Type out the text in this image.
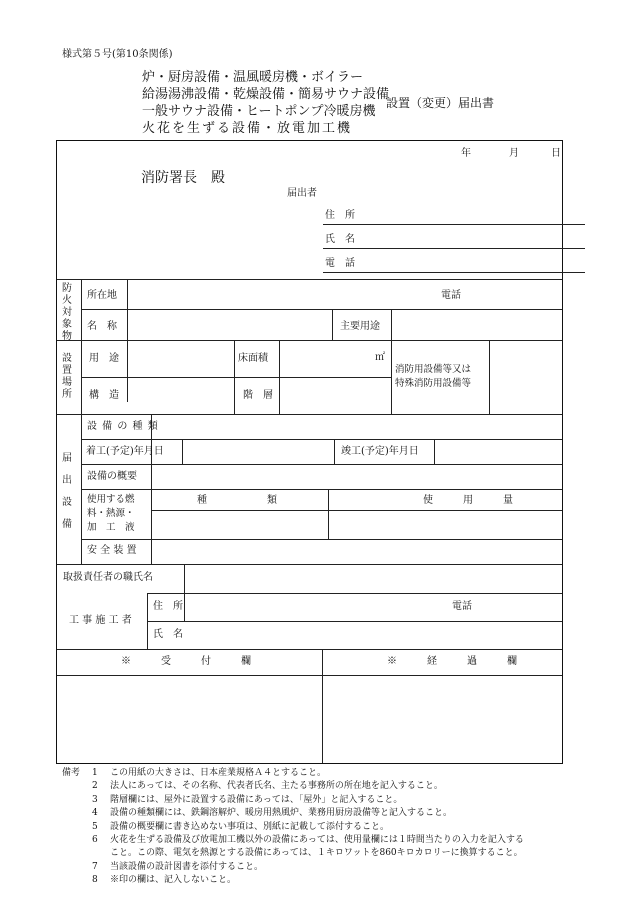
様式第５号(第10条関係)
炉・厨房設備・温風暖房機・ボイラー
給湯湯沸設備・乾燥設備・簡易サウナ設備
一般サウナ設備・ヒートポンプ冷暖房機
火花を生ずる設備・放電加工機
設置（変更）届出書
年	月	日
消防署長　殿
届出者
住　所
氏　名
電　話
防
火
対
象
物
所在地	電話
名　称	主要用途
設
置
場
所
用　途	床面積	㎡
構　造	階　層
消防用設備等又は
特殊消防用設備等
届
出
設
備
設 備 の 種 類
着工(予定)年月日	竣工(予定)年月日
設備の概要
使用する燃
料・熱源・
加　工　液
種　　　　　　類	使　　　用　　　量
安 全 装 置
取扱責任者の職氏名
工 事 施 工 者
住　所	電話
氏　名
※　　　受　　　付　　　欄	※　　　経　　　過　　　欄
備考 1 この用紙の大きさは、日本産業規格Ａ４とすること。
2 法人にあっては、その名称、代表者氏名、主たる事務所の所在地を記入すること。
3 階層欄には、屋外に設置する設備にあっては、「屋外」と記入すること。
4 設備の種類欄には、鉄鋼溶解炉、暖房用熱風炉、業務用厨房設備等と記入すること。
5 設備の概要欄に書き込めない事項は、別紙に記載して添付すること。
6 火花を生ずる設備及び放電加工機以外の設備にあっては、使用量欄には１時間当たりの入力を記入する
こと。この際、電気を熱源とする設備にあっては、１キロワットを860キロカロリーに換算すること。
7 当該設備の設計図書を添付すること。
8 ※印の欄は、記入しないこと。
